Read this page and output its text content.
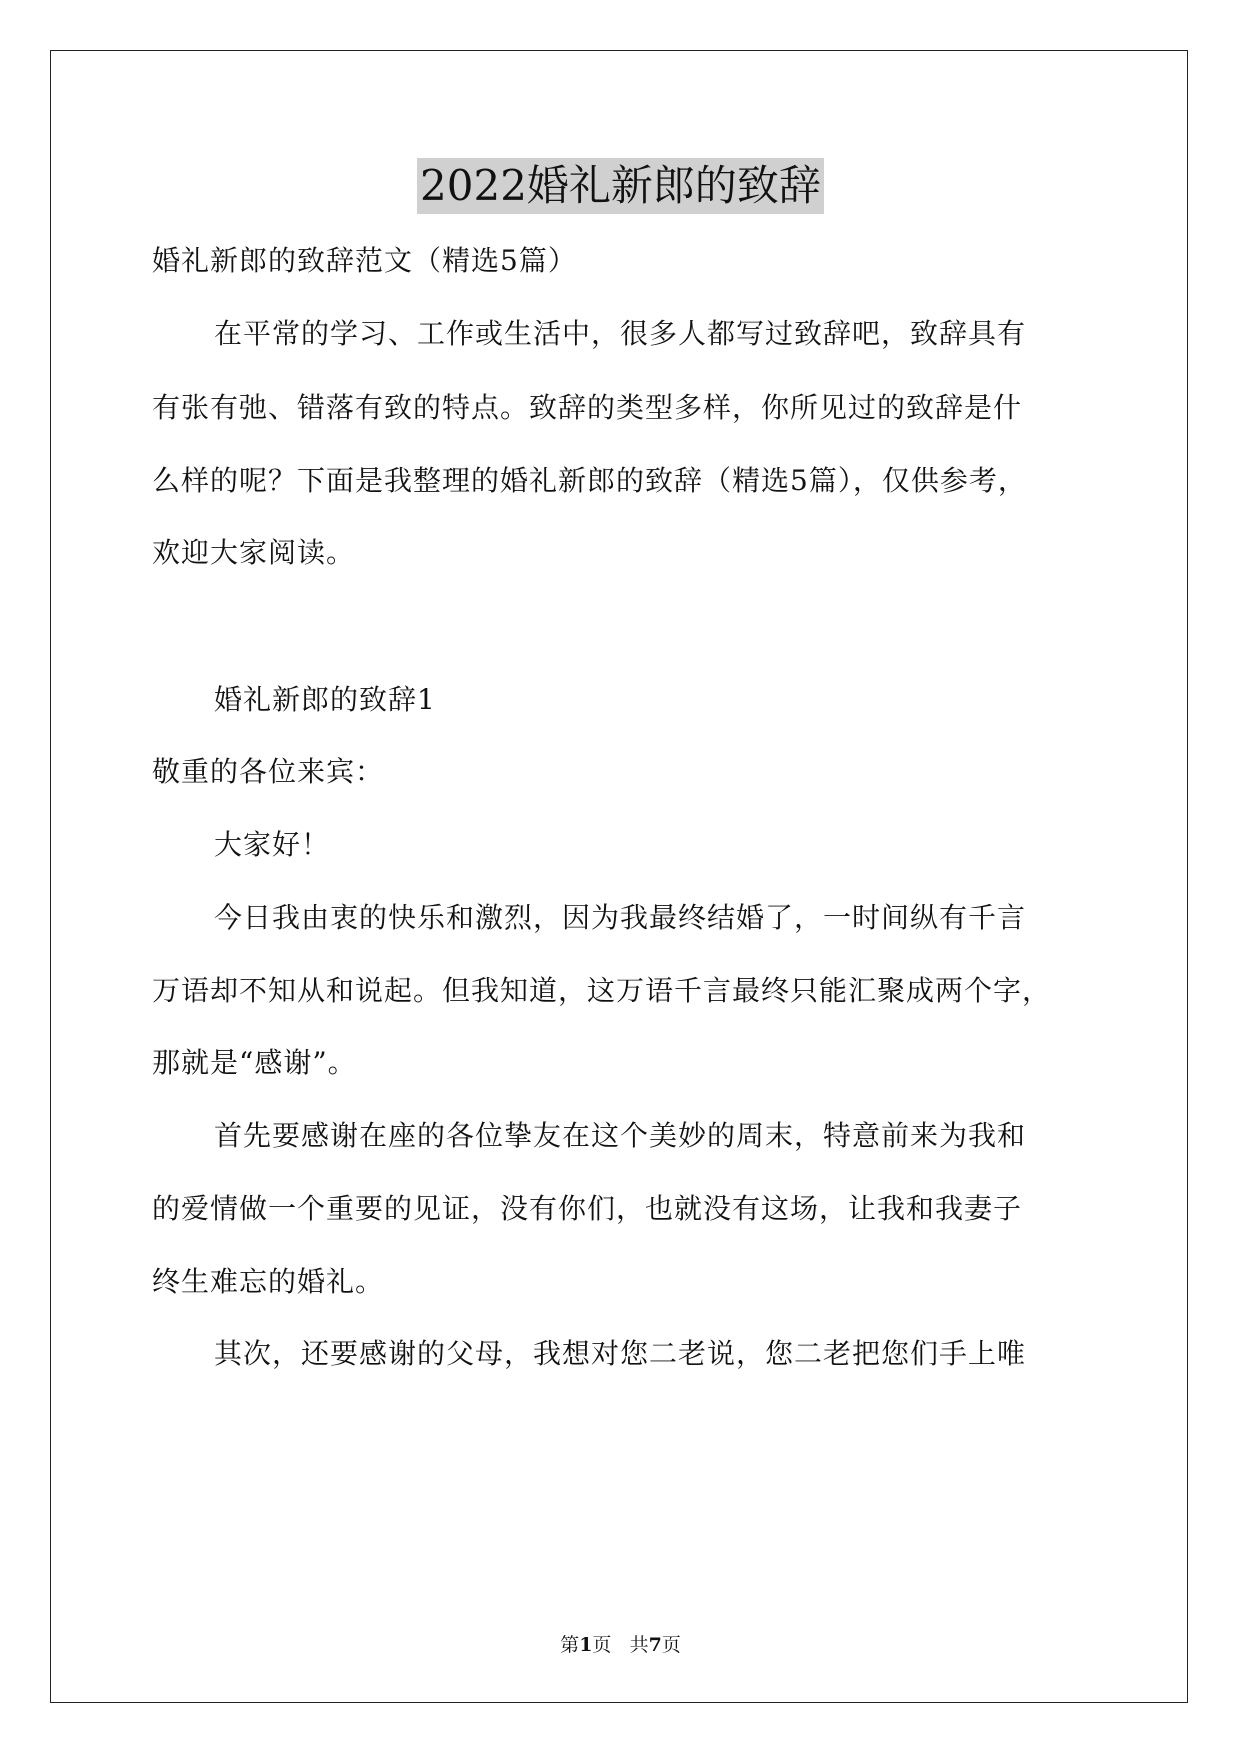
2022婚礼新郎的致辞
婚礼新郎的致辞范文（精选5篇）
在平常的学习、工作或生活中，很多人都写过致辞吧，致辞具有
有张有弛、错落有致的特点。致辞的类型多样，你所见过的致辞是什
么样的呢？下面是我整理的婚礼新郎的致辞（精选5篇），仅供参考，
欢迎大家阅读。
婚礼新郎的致辞1
敬重的各位来宾：
大家好！
今日我由衷的快乐和激烈，因为我最终结婚了，一时间纵有千言
万语却不知从和说起。但我知道，这万语千言最终只能汇聚成两个字，
那就是“感谢”。
首先要感谢在座的各位挚友在这个美妙的周末，特意前来为我和
的爱情做一个重要的见证，没有你们，也就没有这场，让我和我妻子
终生难忘的婚礼。
其次，还要感谢的父母，我想对您二老说，您二老把您们手上唯
第1页 共7页
